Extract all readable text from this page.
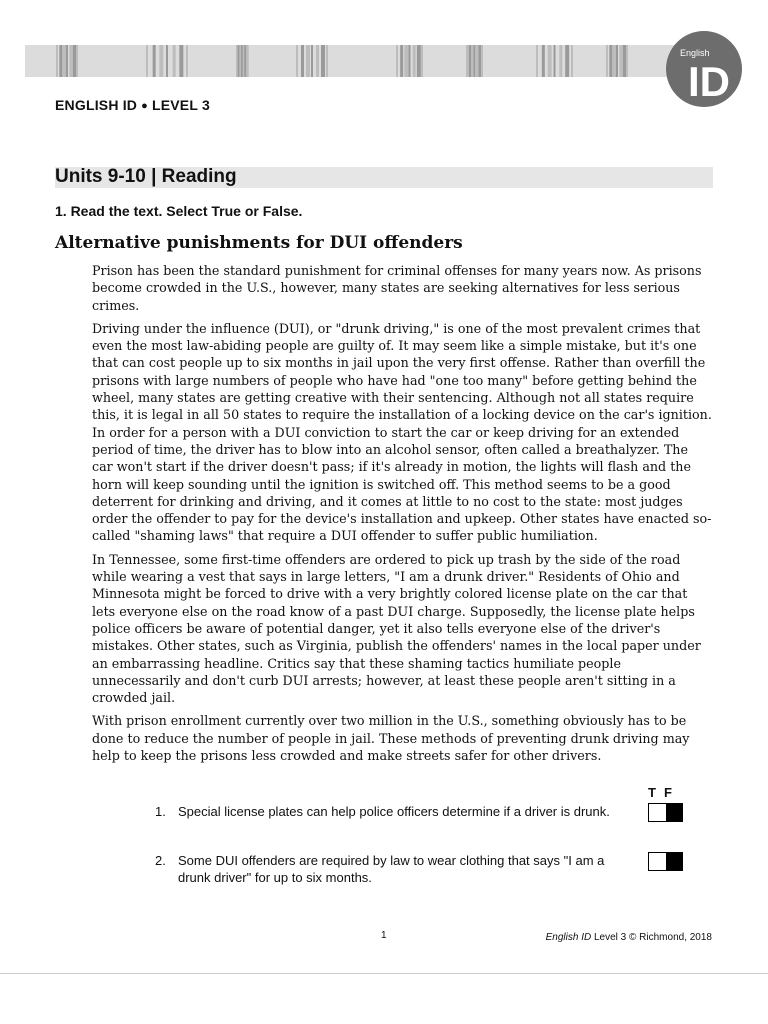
English
ID
ENGLISH ID ● LEVEL 3
Units 9-10 | Reading
1. Read the text. Select True or False.
Alternative punishments for DUI offenders

Prison has been the standard punishment for criminal offenses for many years now. As prisons become crowded in the U.S., however, many states are seeking alternatives for less serious crimes.

Driving under the influence (DUI), or "drunk driving," is one of the most prevalent crimes that even the most law-abiding people are guilty of. It may seem like a simple mistake, but it's one that can cost people up to six months in jail upon the very first offense. Rather than overfill the prisons with large numbers of people who have had "one too many" before getting behind the wheel, many states are getting creative with their sentencing. Although not all states require this, it is legal in all 50 states to require the installation of a locking device on the car's ignition. In order for a person with a DUI conviction to start the car or keep driving for an extended period of time, the driver has to blow into an alcohol sensor, often called a breathalyzer. The car won't start if the driver doesn't pass; if it's already in motion, the lights will flash and the horn will keep sounding until the ignition is switched off. This method seems to be a good deterrent for drinking and driving, and it comes at little to no cost to the state: most judges order the offender to pay for the device's installation and upkeep. Other states have enacted so-called "shaming laws" that require a DUI offender to suffer public humiliation.

In Tennessee, some first-time offenders are ordered to pick up trash by the side of the road while wearing a vest that says in large letters, "I am a drunk driver." Residents of Ohio and Minnesota might be forced to drive with a very brightly colored license plate on the car that lets everyone else on the road know of a past DUI charge. Supposedly, the license plate helps police officers be aware of potential danger, yet it also tells everyone else of the driver's mistakes. Other states, such as Virginia, publish the offenders' names in the local paper under an embarrassing headline. Critics say that these shaming tactics humiliate people unnecessarily and don't curb DUI arrests; however, at least these people aren't sitting in a crowded jail.

With prison enrollment currently over two million in the U.S., something obviously has to be done to reduce the number of people in jail. These methods of preventing drunk driving may help to keep the prisons less crowded and make streets safer for other drivers.

T F
1. Special license plates can help police officers determine if a driver is drunk.
2. Some DUI offenders are required by law to wear clothing that says "I am a drunk driver" for up to six months.
1	English ID Level 3 © Richmond, 2018
